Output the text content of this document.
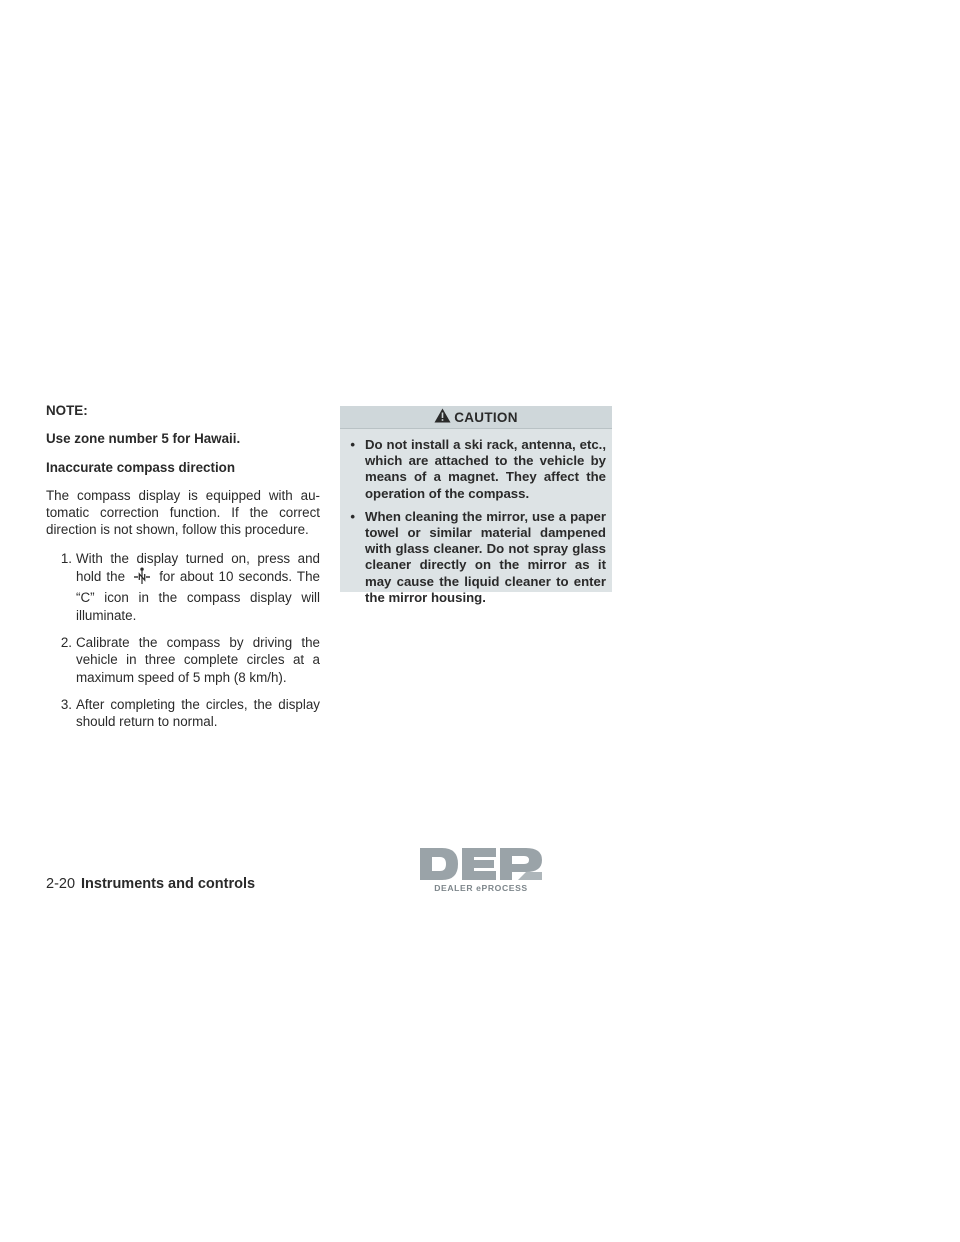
NOTE:

Use zone number 5 for Hawaii.

Inaccurate compass direction

The compass display is equipped with automatic correction function. If the correct direction is not shown, follow this procedure.

1. With the display turned on, press and hold the	for about 10 seconds. The “C” icon in the compass display will illuminate.
2. Calibrate the compass by driving the vehicle in three complete circles at a maximum speed of 5 mph (8 km/h).
3. After completing the circles, the display should return to normal.
CAUTION
• Do not install a ski rack, antenna, etc., which are attached to the vehicle by means of a magnet. They affect the operation of the compass.
• When cleaning the mirror, use a paper towel or similar material dampened with glass cleaner. Do not spray glass cleaner directly on the mirror as it may cause the liquid cleaner to enter the mirror housing.
2-20 Instruments and controls	DEALER ePROCESS
